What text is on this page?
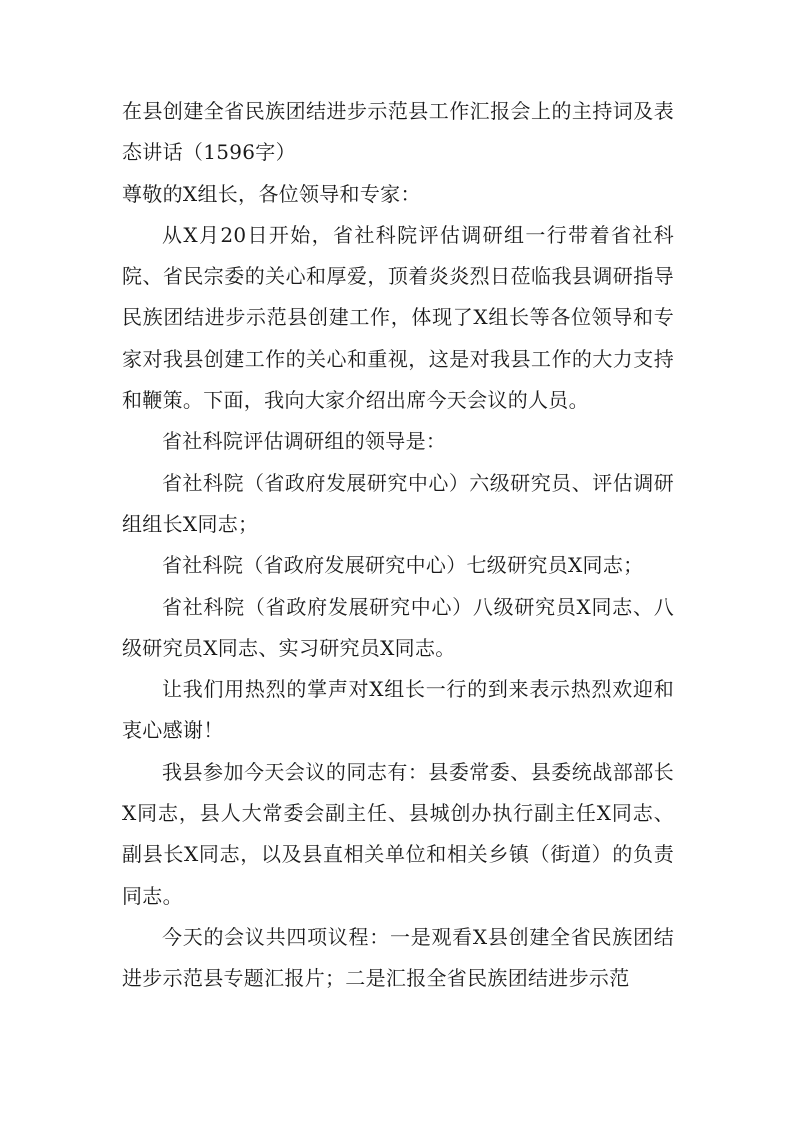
在县创建全省民族团结进步示范县工作汇报会上的主持词及表态讲话（1596字）

尊敬的X组长，各位领导和专家：

从X月20日开始，省社科院评估调研组一行带着省社科院、省民宗委的关心和厚爱，顶着炎炎烈日莅临我县调研指导民族团结进步示范县创建工作，体现了X组长等各位领导和专家对我县创建工作的关心和重视，这是对我县工作的大力支持和鞭策。下面，我向大家介绍出席今天会议的人员。

省社科院评估调研组的领导是：

省社科院（省政府发展研究中心）六级研究员、评估调研组组长X同志；

省社科院（省政府发展研究中心）七级研究员X同志；

省社科院（省政府发展研究中心）八级研究员X同志、八级研究员X同志、实习研究员X同志。

让我们用热烈的掌声对X组长一行的到来表示热烈欢迎和衷心感谢！

我县参加今天会议的同志有：县委常委、县委统战部部长X同志，县人大常委会副主任、县城创办执行副主任X同志、副县长X同志，以及县直相关单位和相关乡镇（街道）的负责同志。

今天的会议共四项议程：一是观看X县创建全省民族团结进步示范县专题汇报片；二是汇报全省民族团结进步示范
